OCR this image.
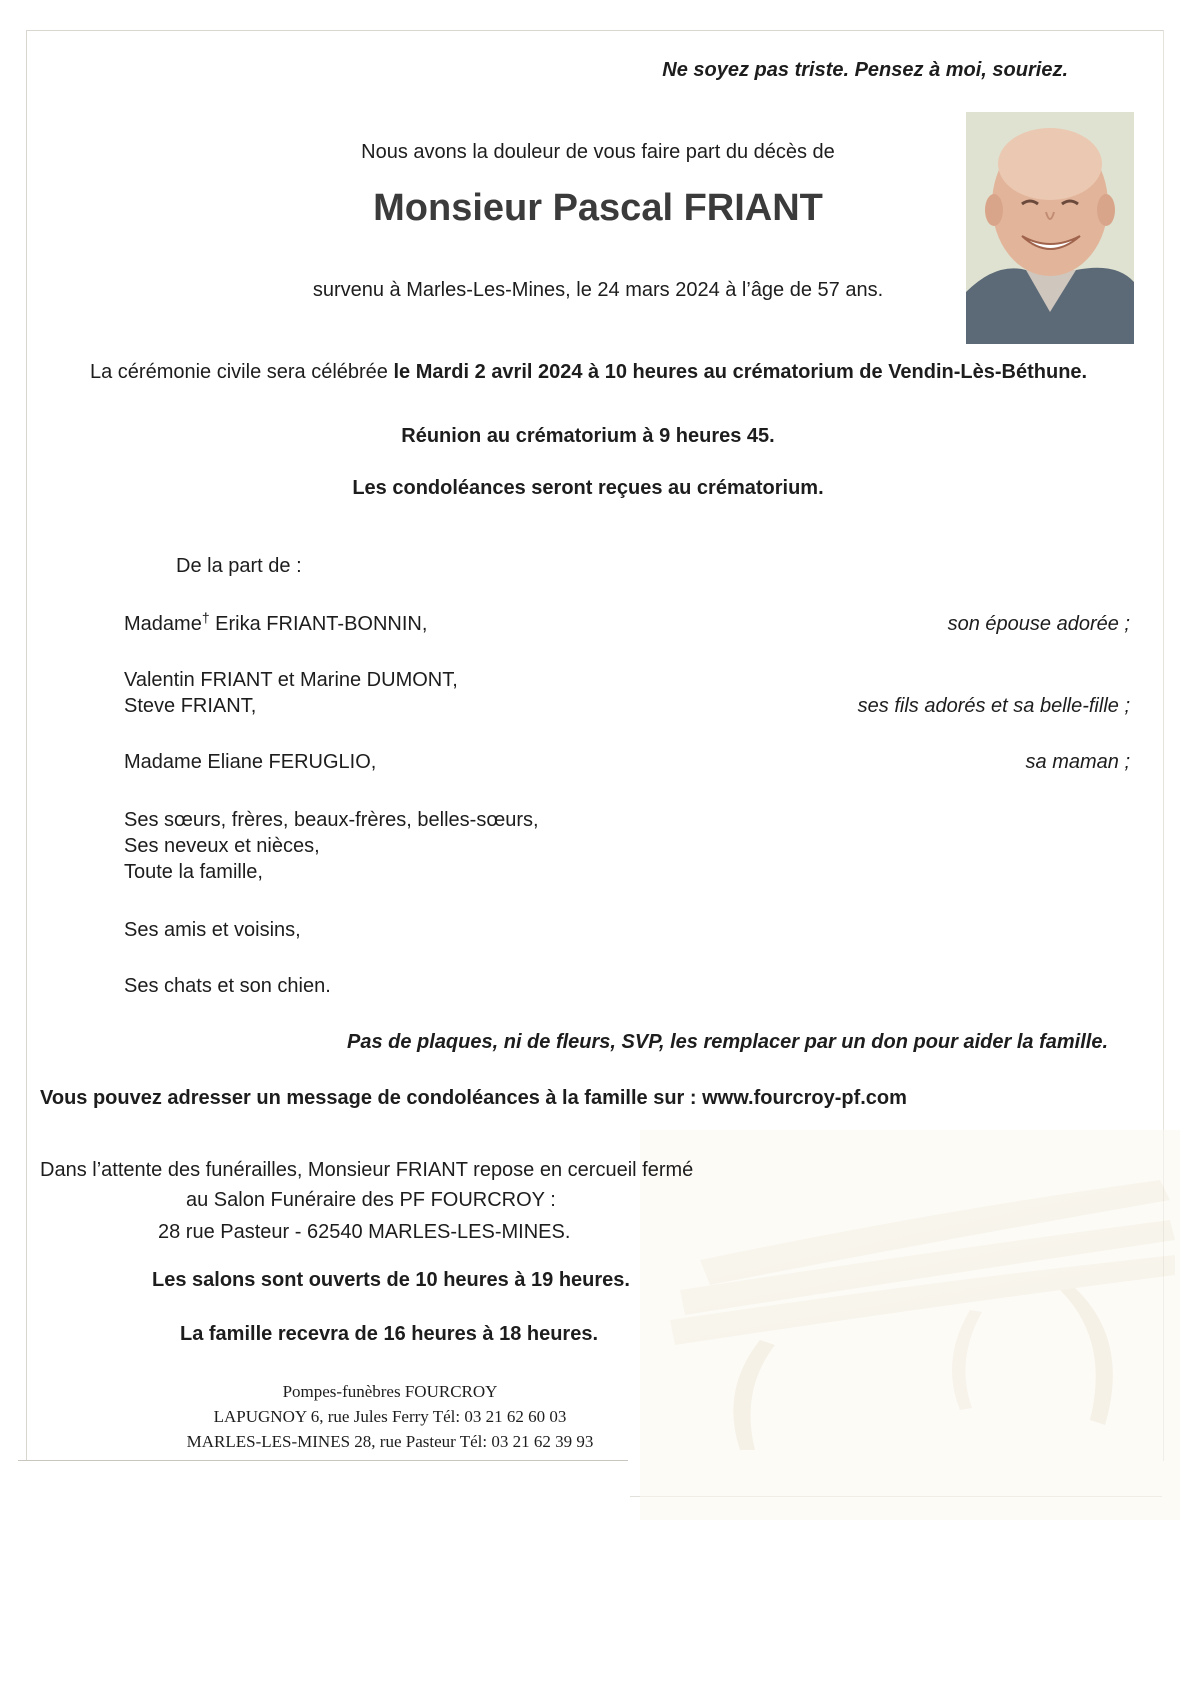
Ne soyez pas triste. Pensez à moi, souriez.
Nous avons la douleur de vous faire part du décès de
Monsieur Pascal FRIANT
survenu à Marles-Les-Mines, le 24 mars 2024 à l’âge de 57 ans.
La cérémonie civile sera célébrée le Mardi 2 avril 2024 à 10 heures au crématorium de Vendin-Lès-Béthune.
Réunion au crématorium à 9 heures 45.
Les condoléances seront reçues au crématorium.
De la part de :
Madame† Erika FRIANT-BONNIN,	son épouse adorée ;
Valentin FRIANT et Marine DUMONT,
Steve FRIANT,	ses fils adorés et sa belle-fille ;
Madame Eliane FERUGLIO,	sa maman ;
Ses sœurs, frères, beaux-frères, belles-sœurs,
Ses neveux et nièces,
Toute la famille,
Ses amis et voisins,
Ses chats et son chien.
Pas de plaques, ni de fleurs, SVP, les remplacer par un don pour aider la famille.
Vous pouvez adresser un message de condoléances à la famille sur : www.fourcroy-pf.com
Dans l’attente des funérailles, Monsieur FRIANT repose en cercueil fermé
au Salon Funéraire des PF FOURCROY :
28 rue Pasteur - 62540 MARLES-LES-MINES.
Les salons sont ouverts de 10 heures à 19 heures.
La famille recevra de 16 heures à 18 heures.
Pompes-funèbres FOURCROY
LAPUGNOY 6, rue Jules Ferry Tél: 03 21 62 60 03
MARLES-LES-MINES 28, rue Pasteur Tél: 03 21 62 39 93
